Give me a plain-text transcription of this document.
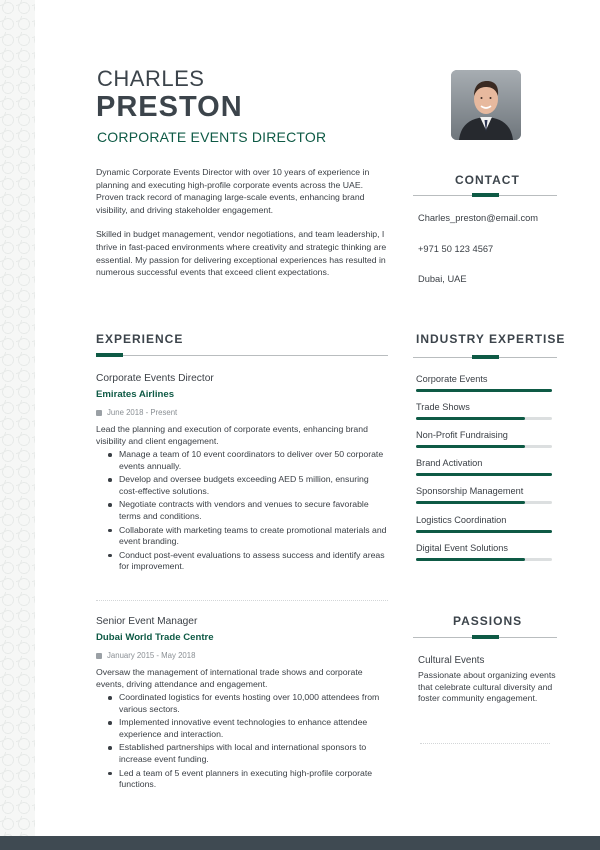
CHARLES
PRESTON
CORPORATE EVENTS DIRECTOR

Dynamic Corporate Events Director with over 10 years of experience in planning and executing high-profile corporate events across the UAE. Proven track record of managing large-scale events, enhancing brand visibility, and driving stakeholder engagement.

Skilled in budget management, vendor negotiations, and team leadership, I thrive in fast-paced environments where creativity and strategic thinking are essential. My passion for delivering exceptional experiences has resulted in numerous successful events that exceed client expectations.

CONTACT
Charles_preston@email.com
+971 50 123 4567
Dubai, UAE
EXPERIENCE
Corporate Events Director
Emirates Airlines
June 2018 - Present
Lead the planning and execution of corporate events, enhancing brand visibility and client engagement.
Manage a team of 10 event coordinators to deliver over 50 corporate events annually.
Develop and oversee budgets exceeding AED 5 million, ensuring cost-effective solutions.
Negotiate contracts with vendors and venues to secure favorable terms and conditions.
Collaborate with marketing teams to create promotional materials and event branding.
Conduct post-event evaluations to assess success and identify areas for improvement.
Senior Event Manager
Dubai World Trade Centre
January 2015 - May 2018
Oversaw the management of international trade shows and corporate events, driving attendance and engagement.
Coordinated logistics for events hosting over 10,000 attendees from various sectors.
Implemented innovative event technologies to enhance attendee experience and interaction.
Established partnerships with local and international sponsors to increase event funding.
Led a team of 5 event planners in executing high-profile corporate functions.
INDUSTRY EXPERTISE
Corporate Events
Trade Shows
Non-Profit Fundraising
Brand Activation
Sponsorship Management
Logistics Coordination
Digital Event Solutions
PASSIONS
Cultural Events
Passionate about organizing events that celebrate cultural diversity and foster community engagement.
